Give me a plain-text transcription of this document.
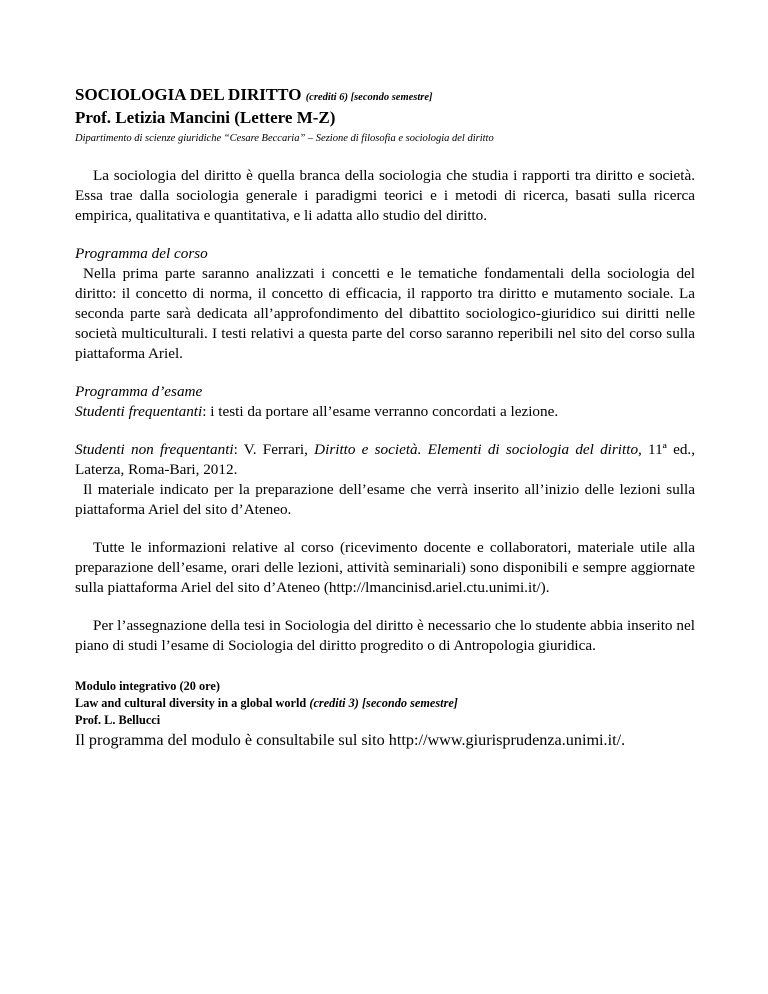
SOCIOLOGIA DEL DIRITTO (crediti 6) [secondo semestre]

Prof. Letizia Mancini (Lettere M-Z)

Dipartimento di scienze giuridiche “Cesare Beccaria” – Sezione di filosofia e sociologia del diritto

La sociologia del diritto è quella branca della sociologia che studia i rapporti tra diritto e società. Essa trae dalla sociologia generale i paradigmi teorici e i metodi di ricerca, basati sulla ricerca empirica, qualitativa e quantitativa, e li adatta allo studio del diritto.

Programma del corso

Nella prima parte saranno analizzati i concetti e le tematiche fondamentali della sociologia del diritto: il concetto di norma, il concetto di efficacia, il rapporto tra diritto e mutamento sociale. La seconda parte sarà dedicata all’approfondimento del dibattito sociologico-giuridico sui diritti nelle società multiculturali. I testi relativi a questa parte del corso saranno reperibili nel sito del corso sulla piattaforma Ariel.

Programma d’esame

Studenti frequentanti: i testi da portare all’esame verranno concordati a lezione.

Studenti non frequentanti: V. Ferrari, Diritto e società. Elementi di sociologia del diritto, 11ª ed., Laterza, Roma-Bari, 2012.

Il materiale indicato per la preparazione dell’esame che verrà inserito all’inizio delle lezioni sulla piattaforma Ariel del sito d’Ateneo.

Tutte le informazioni relative al corso (ricevimento docente e collaboratori, materiale utile alla preparazione dell’esame, orari delle lezioni, attività seminariali) sono disponibili e sempre aggiornate sulla piattaforma Ariel del sito d’Ateneo (http://lmancinisd.ariel.ctu.unimi.it/).

Per l’assegnazione della tesi in Sociologia del diritto è necessario che lo studente abbia inserito nel piano di studi l’esame di Sociologia del diritto progredito o di Antropologia giuridica.

Modulo integrativo (20 ore)

Law and cultural diversity in a global world (crediti 3) [secondo semestre]

Prof. L. Bellucci

Il programma del modulo è consultabile sul sito http://www.giurisprudenza.unimi.it/.
